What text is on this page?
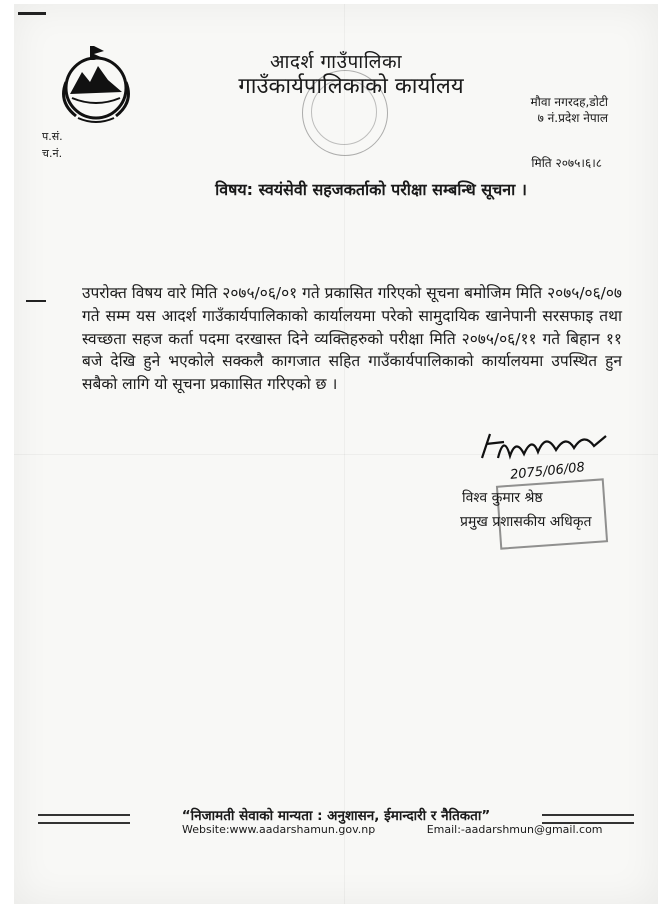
आदर्श गाउँपालिका
गाउँकार्यपालिकाको कार्यालय
मौवा नगरदह,डोटी
७ नं.प्रदेश नेपाल
प.सं.
च.नं.
मिति २०७५।६।८
विषय: स्वयंसेवी सहजकर्ताको परीक्षा सम्बन्धि सूचना ।
उपरोक्त विषय वारे मिति २०७५/०६/०१ गते प्रकासित गरिएको सूचना बमोजिम मिति २०७५/०६/०७ गते सम्म यस आदर्श गाउँकार्यपालिकाको कार्यालयमा परेको सामुदायिक खानेपानी सरसफाइ तथा स्वच्छता सहज कर्ता पदमा दरखास्त दिने व्यक्तिहरुको परीक्षा मिति २०७५/०६/११ गते बिहान ११ बजे देखि हुने भएकोले सक्कलै कागजात सहित गाउँकार्यपालिकाको कार्यालयमा उपस्थित हुन सबैको लागि यो सूचना प्रकाासित गरिएको छ ।
2075/06/08
विश्व कुमार श्रेष्ठ
प्रमुख प्रशासकीय अधिकृत
“निजामती सेवाको मान्यता : अनुशासन, ईमान्दारी र नैतिकता”
Website:www.aadarshamun.gov.np	Email:-aadarshmun@gmail.com
